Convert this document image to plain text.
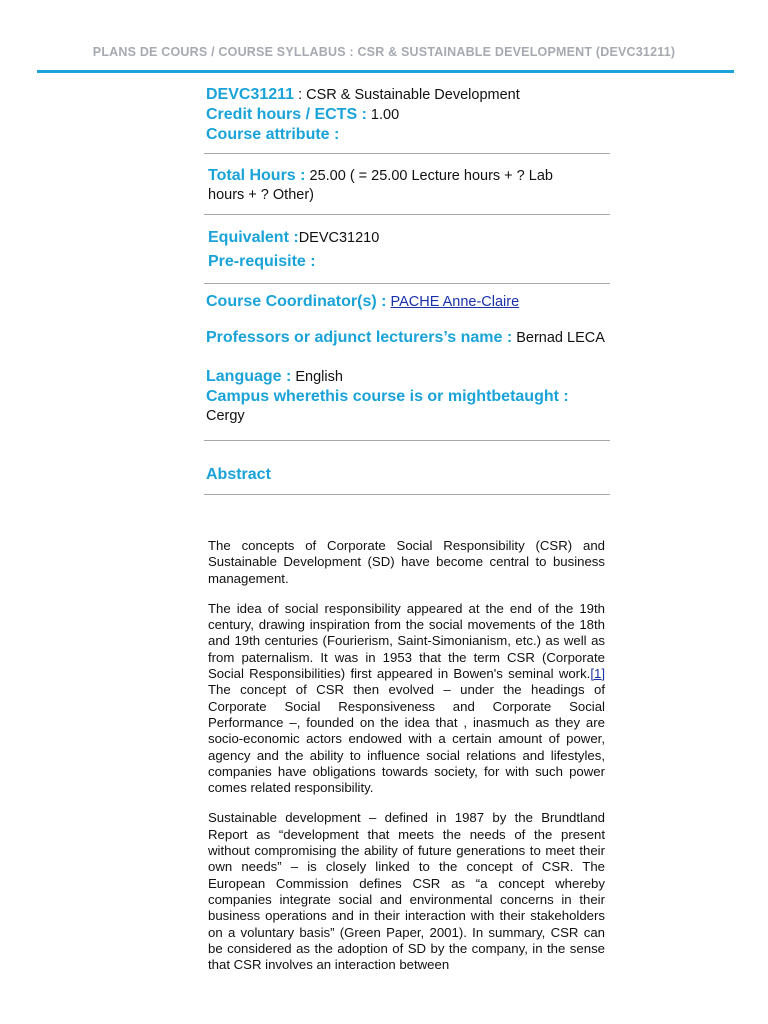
PLANS DE COURS / COURSE SYLLABUS : CSR & SUSTAINABLE DEVELOPMENT (DEVC31211)
DEVC31211 : CSR & Sustainable Development
Credit hours / ECTS : 1.00
Course attribute :
Total Hours : 25.00 ( = 25.00 Lecture hours + ? Lab hours + ? Other)
Equivalent :DEVC31210
Pre-requisite :
Course Coordinator(s) : PACHE Anne-Claire
Professors or adjunct lecturers’s name : Bernad LECA
Language : English
Campus wherethis course is or mightbetaught :
Cergy
Abstract

The concepts of Corporate Social Responsibility (CSR) and Sustainable Development (SD) have become central to business management.

The idea of social responsibility appeared at the end of the 19th century, drawing inspiration from the social movements of the 18th and 19th centuries (Fourierism, Saint-Simonianism, etc.) as well as from paternalism. It was in 1953 that the term CSR (Corporate Social Responsibilities) first appeared in Bowen's seminal work.[1] The concept of CSR then evolved – under the headings of Corporate Social Responsiveness and Corporate Social Performance –, founded on the idea that , inasmuch as they are socio-economic actors endowed with a certain amount of power, agency and the ability to influence social relations and lifestyles, companies have obligations towards society, for with such power comes related responsibility.

Sustainable development – defined in 1987 by the Brundtland Report as “development that meets the needs of the present without compromising the ability of future generations to meet their own needs” – is closely linked to the concept of CSR. The European Commission defines CSR as “a concept whereby companies integrate social and environmental concerns in their business operations and in their interaction with their stakeholders on a voluntary basis” (Green Paper, 2001). In summary, CSR can be considered as the adoption of SD by the company, in the sense that CSR involves an interaction between
